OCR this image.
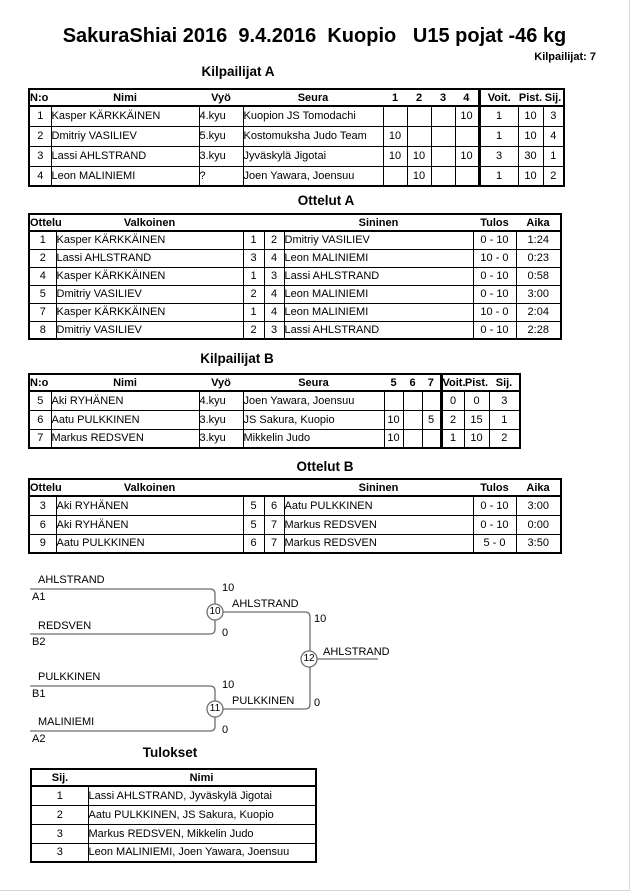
SakuraShiai 2016  9.4.2016  Kuopio   U15 pojat -46 kg
Kilpailijat: 7
Kilpailijat A
N:o	Nimi	Vyö	Seura	1	2	3	4	Voit.	Pist.	Sij.
1	Kasper KÄRKKÄINEN	4.kyu	Kuopion JS Tomodachi				10	1	10	3
2	Dmitriy VASILIEV	5.kyu	Kostomuksha Judo Team	10				1	10	4
3	Lassi AHLSTRAND	3.kyu	Jyväskylä Jigotai	10	10		10	3	30	1
4	Leon MALINIEMI	?	Joen Yawara, Joensuu		10			1	10	2
Ottelut A
Ottelu	Valkoinen			Sininen	Tulos	Aika
1	Kasper KÄRKKÄINEN	1	2	Dmitriy VASILIEV	0 - 10	1:24
2	Lassi AHLSTRAND	3	4	Leon MALINIEMI	10 - 0	0:23
4	Kasper KÄRKKÄINEN	1	3	Lassi AHLSTRAND	0 - 10	0:58
5	Dmitriy VASILIEV	2	4	Leon MALINIEMI	0 - 10	3:00
7	Kasper KÄRKKÄINEN	1	4	Leon MALINIEMI	10 - 0	2:04
8	Dmitriy VASILIEV	2	3	Lassi AHLSTRAND	0 - 10	2:28
Kilpailijat B
N:o	Nimi	Vyö	Seura	5	6	7	Voit.	Pist.	Sij.
5	Aki RYHÄNEN	4.kyu	Joen Yawara, Joensuu				0	0	3
6	Aatu PULKKINEN	3.kyu	JS Sakura, Kuopio	10		5	2	15	1
7	Markus REDSVEN	3.kyu	Mikkelin Judo	10			1	10	2
Ottelut B
Ottelu	Valkoinen			Sininen	Tulos	Aika
3	Aki RYHÄNEN	5	6	Aatu PULKKINEN	0 - 10	3:00
6	Aki RYHÄNEN	5	7	Markus REDSVEN	0 - 10	0:00
9	Aatu PULKKINEN	6	7	Markus REDSVEN	5 - 0	3:50
AHLSTRAND
A1
10
REDSVEN
B2
0
AHLSTRAND
10
PULKKINEN
B1
10
MALINIEMI
A2
0
PULKKINEN 0
AHLSTRAND
10
11
12
Tulokset
Sij.	Nimi
1	Lassi AHLSTRAND, Jyväskylä Jigotai
2	Aatu PULKKINEN, JS Sakura, Kuopio
3	Markus REDSVEN, Mikkelin Judo
3	Leon MALINIEMI, Joen Yawara, Joensuu
